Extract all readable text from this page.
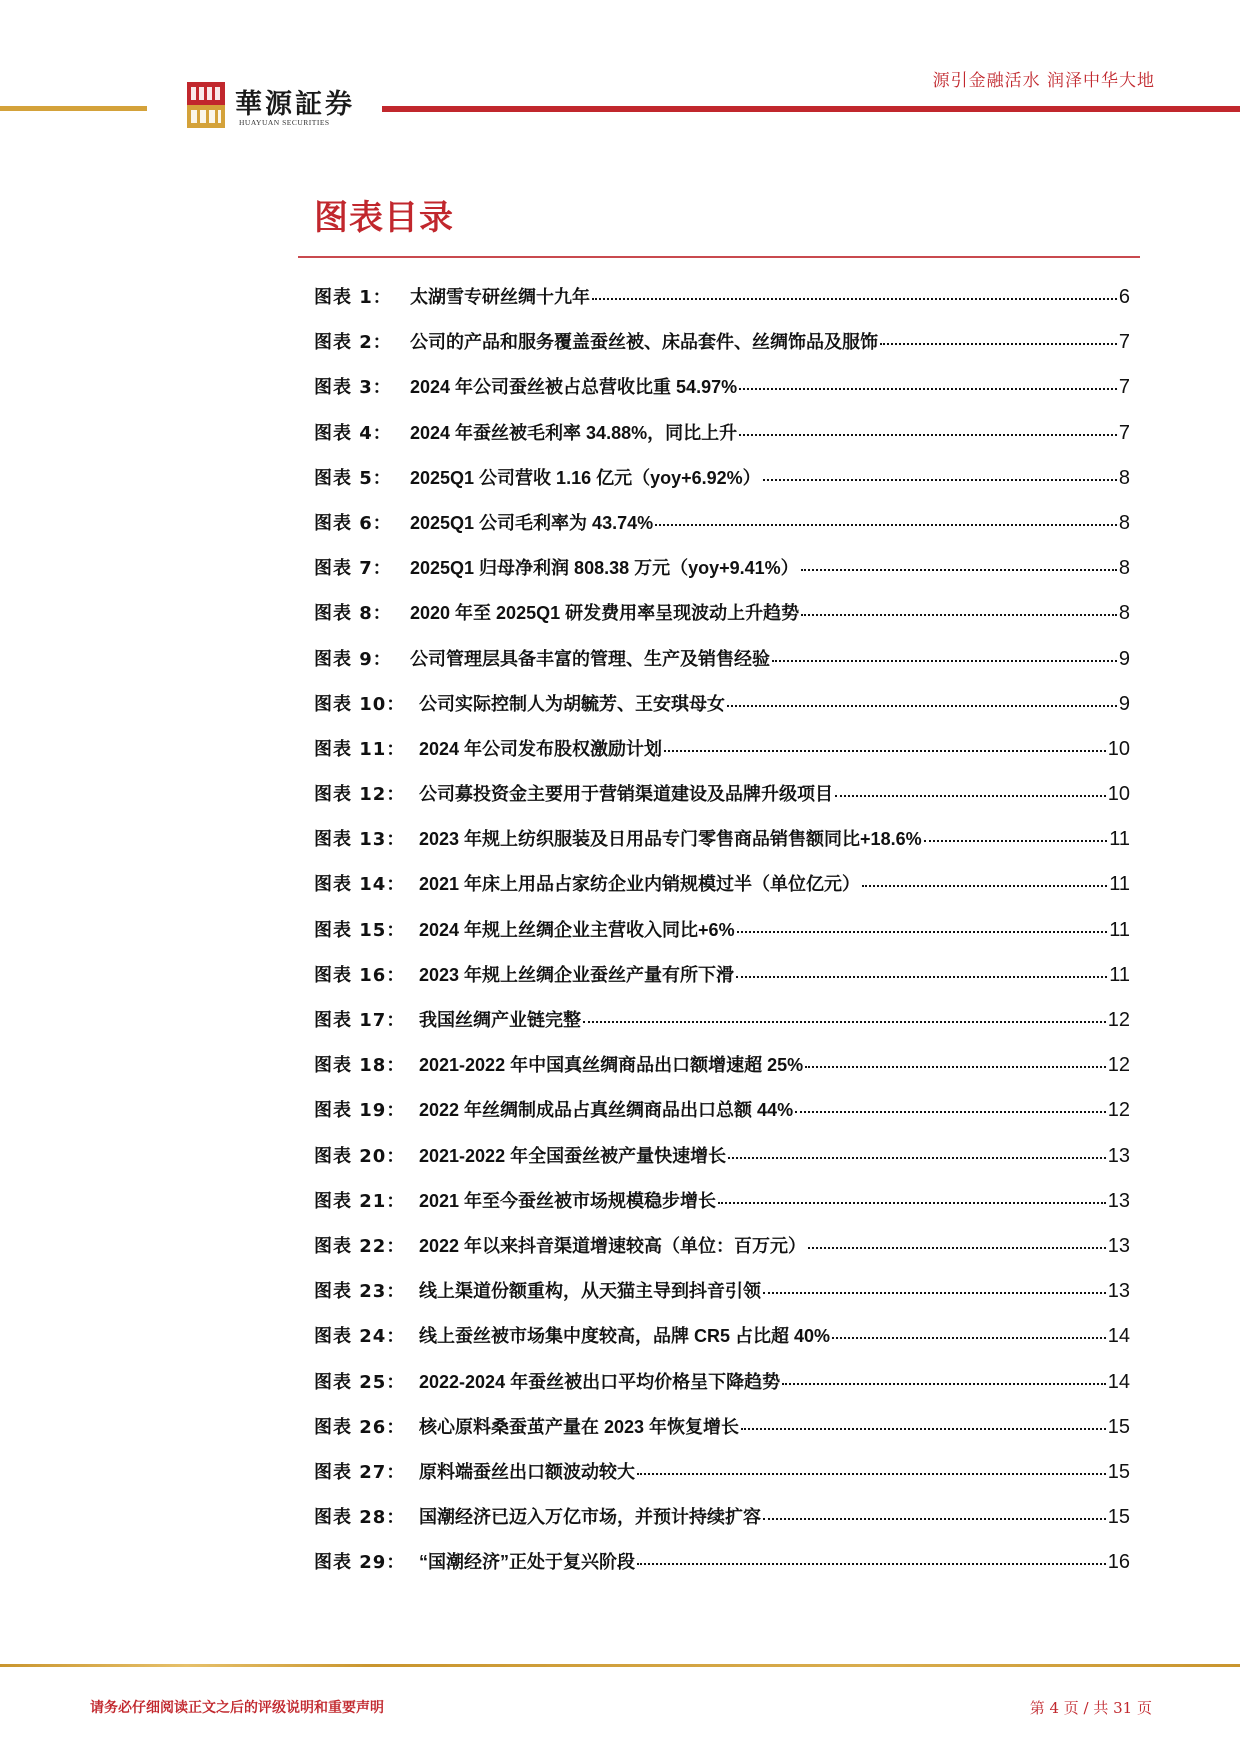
華源証券
HUAYUAN SECURITIES
源引金融活水 润泽中华大地
图表目录
图表 1：	太湖雪专研丝绸十九年	6
图表 2：	公司的产品和服务覆盖蚕丝被、床品套件、丝绸饰品及服饰	7
图表 3：	2024 年公司蚕丝被占总营收比重 54.97%	7
图表 4：	2024 年蚕丝被毛利率 34.88%，同比上升	7
图表 5：	2025Q1 公司营收 1.16 亿元（yoy+6.92%）	8
图表 6：	2025Q1 公司毛利率为 43.74%	8
图表 7：	2025Q1 归母净利润 808.38 万元（yoy+9.41%）	8
图表 8：	2020 年至 2025Q1 研发费用率呈现波动上升趋势	8
图表 9：	公司管理层具备丰富的管理、生产及销售经验	9
图表 10： 公司实际控制人为胡毓芳、王安琪母女	9
图表 11： 2024 年公司发布股权激励计划	10
图表 12： 公司募投资金主要用于营销渠道建设及品牌升级项目	10
图表 13： 2023 年规上纺织服装及日用品专门零售商品销售额同比+18.6%	11
图表 14： 2021 年床上用品占家纺企业内销规模过半（单位亿元）	11
图表 15： 2024 年规上丝绸企业主营收入同比+6%	11
图表 16： 2023 年规上丝绸企业蚕丝产量有所下滑	11
图表 17： 我国丝绸产业链完整	12
图表 18： 2021-2022 年中国真丝绸商品出口额增速超 25%	12
图表 19： 2022 年丝绸制成品占真丝绸商品出口总额 44%	12
图表 20： 2021-2022 年全国蚕丝被产量快速增长	13
图表 21： 2021 年至今蚕丝被市场规模稳步增长	13
图表 22： 2022 年以来抖音渠道增速较高（单位：百万元）	13
图表 23： 线上渠道份额重构，从天猫主导到抖音引领	13
图表 24： 线上蚕丝被市场集中度较高，品牌 CR5 占比超 40%	14
图表 25： 2022-2024 年蚕丝被出口平均价格呈下降趋势	14
图表 26： 核心原料桑蚕茧产量在 2023 年恢复增长	15
图表 27： 原料端蚕丝出口额波动较大	15
图表 28： 国潮经济已迈入万亿市场，并预计持续扩容	15
图表 29： “国潮经济”正处于复兴阶段	16
请务必仔细阅读正文之后的评级说明和重要声明	第 4 页 / 共 31 页
